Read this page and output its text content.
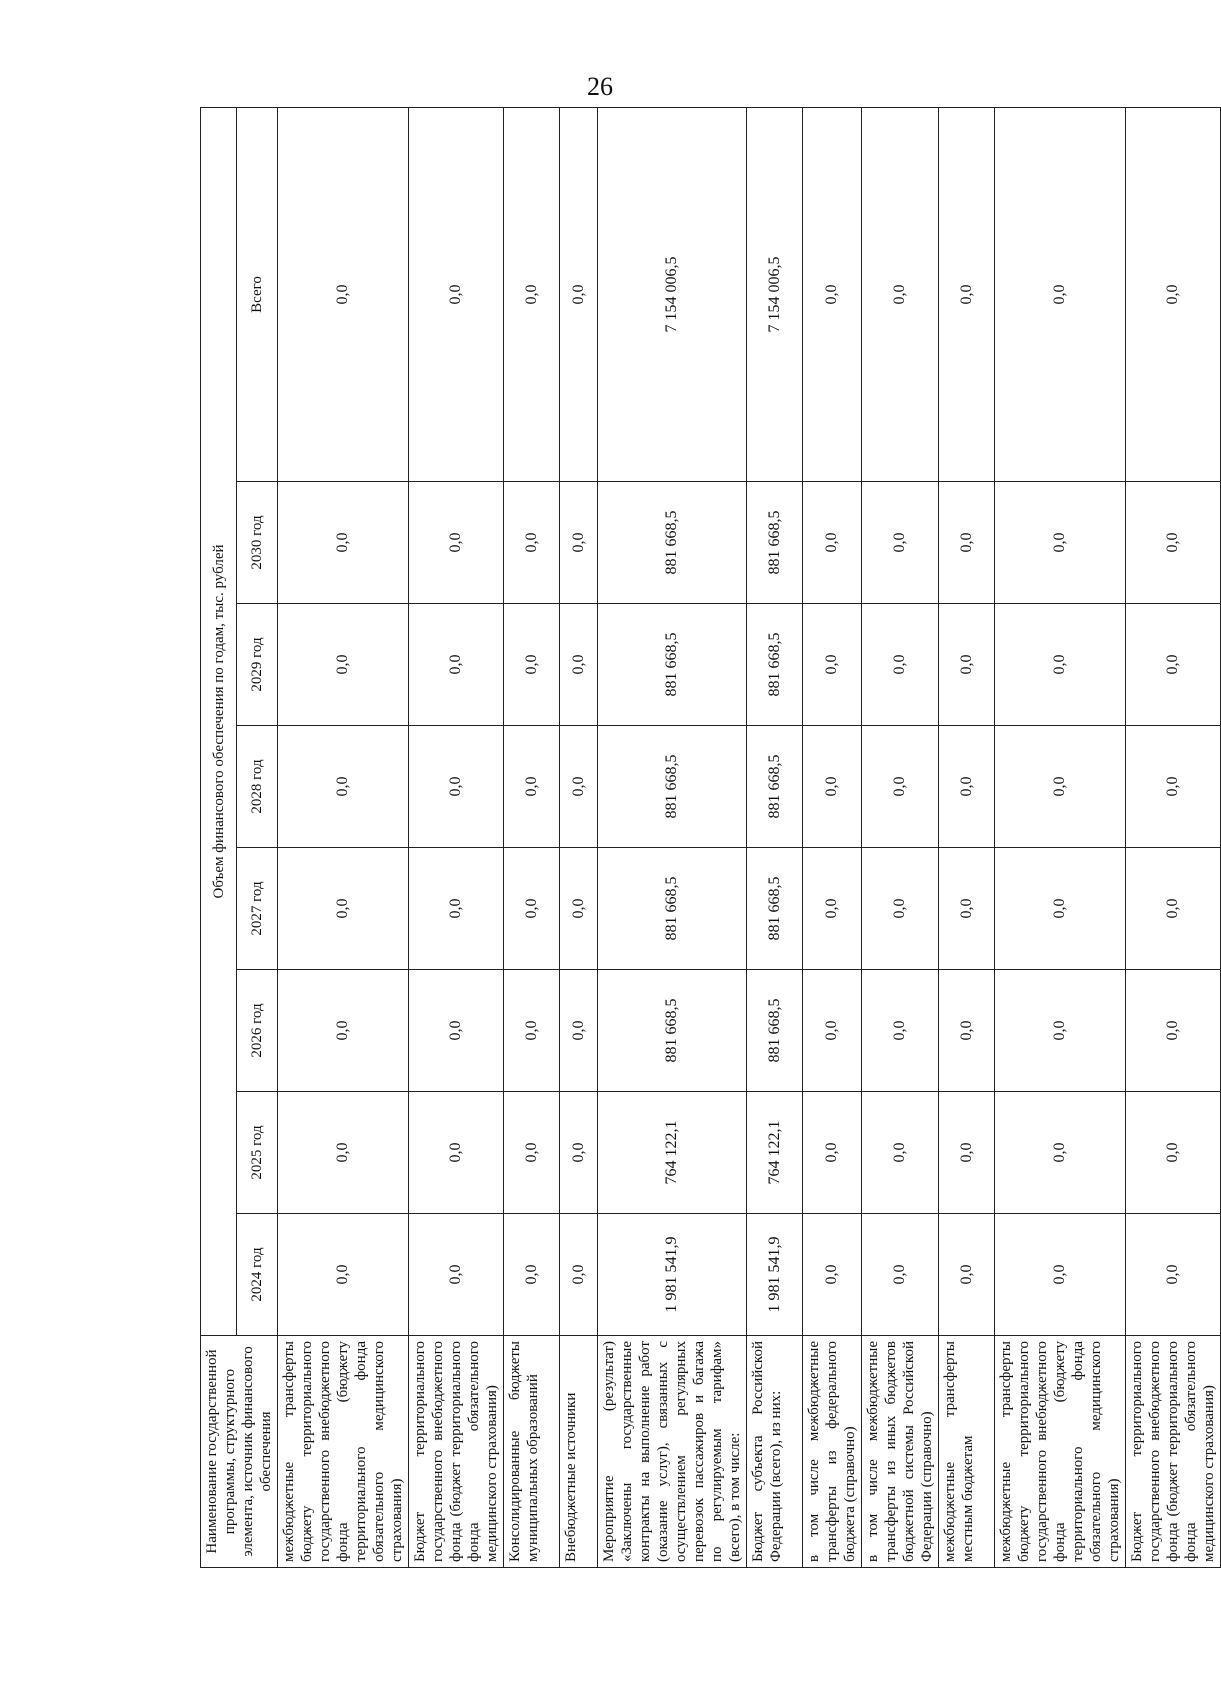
26
Наименование государственной программы, структурного элемента, источник финансового обеспечения	Объем финансового обеспечения по годам, тыс. рублей							
	2024 год	2025 год	2026 год	2027 год	2028 год	2029 год	2030 год	Всего
межбюджетные трансферты бюджету территориального государственного внебюджетного фонда (бюджету территориального фонда обязательного медицинского страхования)	0,0	0,0	0,0	0,0	0,0	0,0	0,0	0,0
Бюджет территориального государственного внебюджетного фонда (бюджет территориального фонда обязательного медицинского страхования)	0,0	0,0	0,0	0,0	0,0	0,0	0,0	0,0
Консолидированные бюджеты муниципальных образований	0,0	0,0	0,0	0,0	0,0	0,0	0,0	0,0
Внебюджетные источники	0,0	0,0	0,0	0,0	0,0	0,0	0,0	0,0
Мероприятие (результат) «Заключены государственные контракты на выполнение работ (оказание услуг), связанных с осуществлением регулярных перевозок пассажиров и багажа по регулируемым тарифам» (всего), в том числе:	1 981 541,9	764 122,1	881 668,5	881 668,5	881 668,5	881 668,5	881 668,5	7 154 006,5
Бюджет субъекта Российской Федерации (всего), из них:	1 981 541,9	764 122,1	881 668,5	881 668,5	881 668,5	881 668,5	881 668,5	7 154 006,5
в том числе межбюджетные трансферты из федерального бюджета (справочно)	0,0	0,0	0,0	0,0	0,0	0,0	0,0	0,0
в том числе межбюджетные трансферты из иных бюджетов бюджетной системы Российской Федерации (справочно)	0,0	0,0	0,0	0,0	0,0	0,0	0,0	0,0
межбюджетные трансферты местным бюджетам	0,0	0,0	0,0	0,0	0,0	0,0	0,0	0,0
межбюджетные трансферты бюджету территориального государственного внебюджетного фонда (бюджету территориального фонда обязательного медицинского страхования)	0,0	0,0	0,0	0,0	0,0	0,0	0,0	0,0
Бюджет территориального государственного внебюджетного фонда (бюджет территориального фонда обязательного медицинского страхования)	0,0	0,0	0,0	0,0	0,0	0,0	0,0	0,0
